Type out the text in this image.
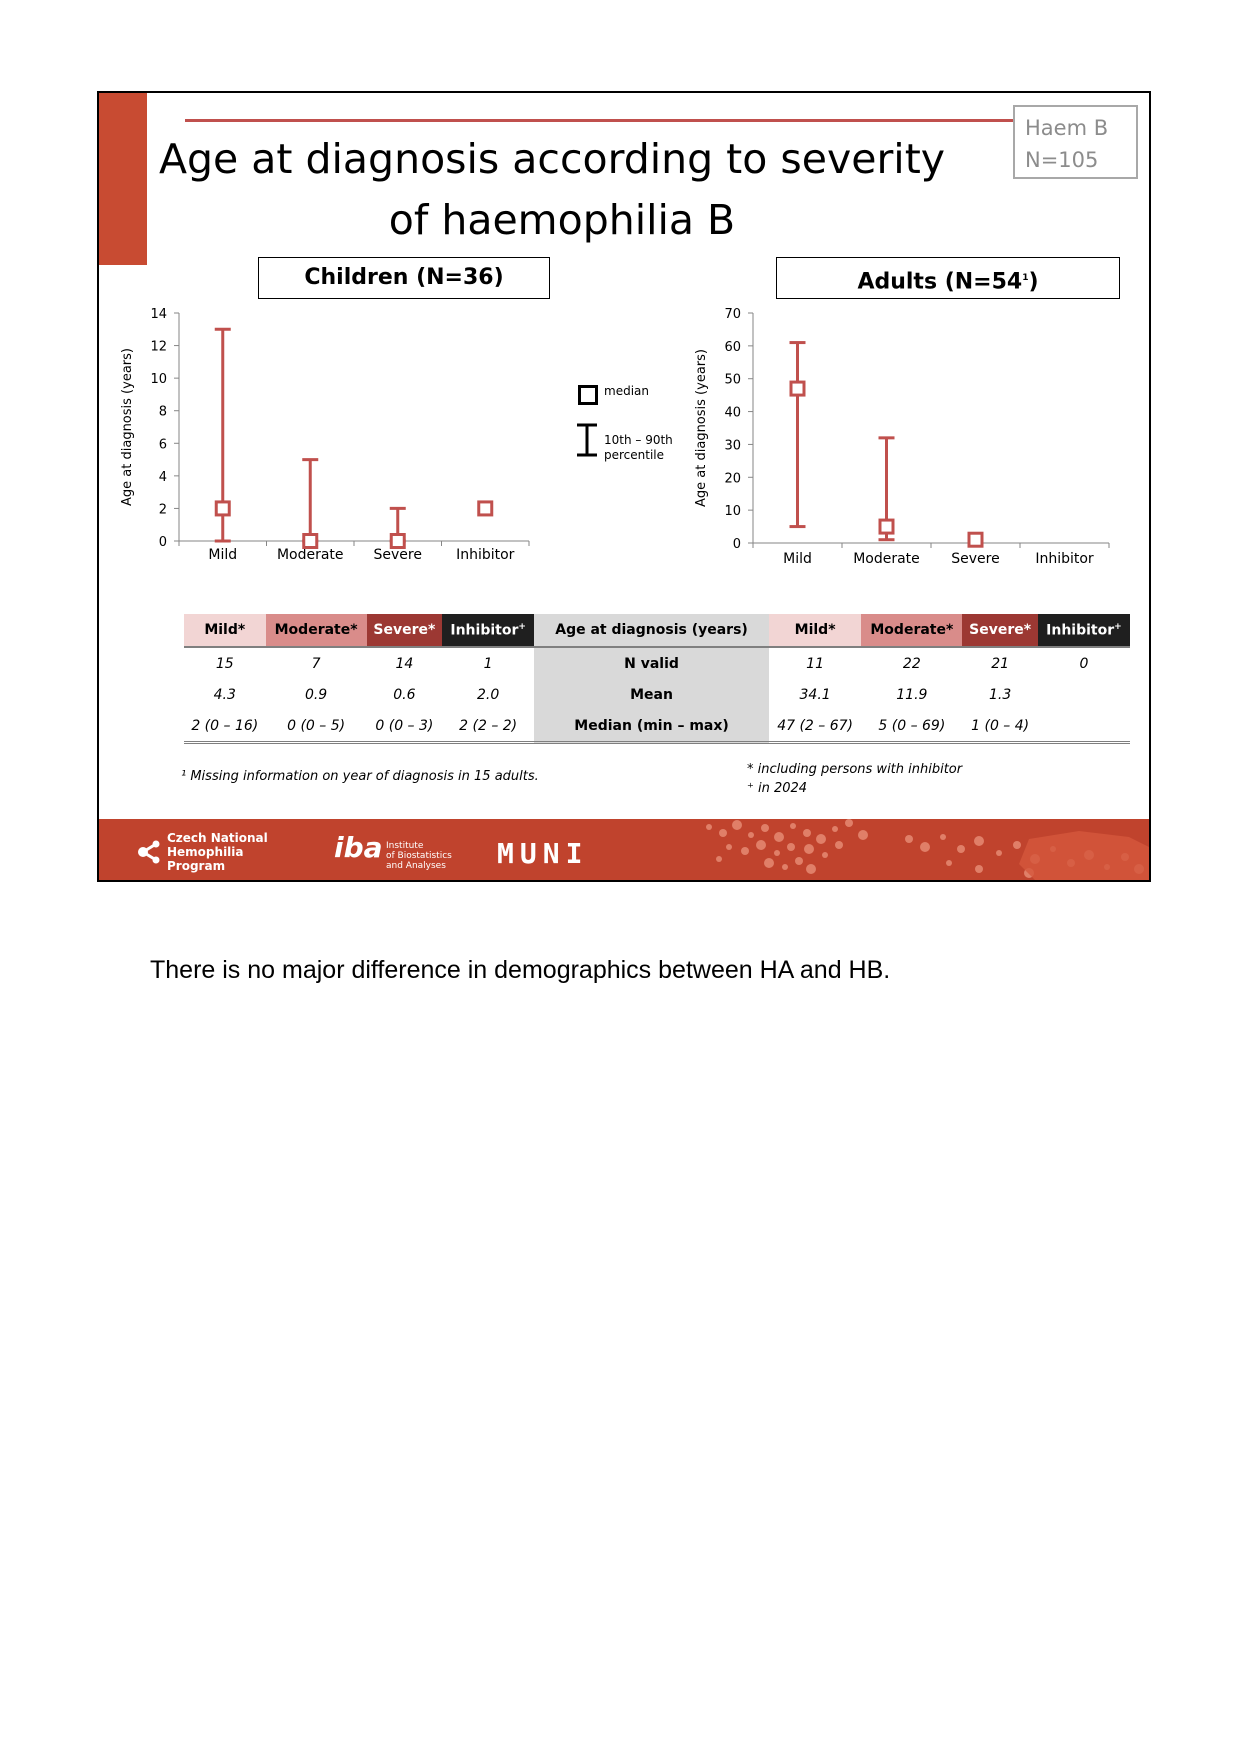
Age at diagnosis according to severity
of haemophilia B
Haem B
N=105
Children (N=36)	Adults $(N=54^1)$
0
2
4
6
8
10
12
14
Mild	Moderate Severe Inhibitor
Age at diagnosis (years)
0
10
20
30
40
50
60
70
Mild	Moderate Severe	Inhibitor
Age at diagnosis (years)
median
10th – 90th
percentile
Mild*	Moderate*	Severe*	Inhibitor+	Age at diagnosis (years)	Mild*	Moderate*	Severe*	Inhibitor+
15	7	14	1	N valid	11	22	21	0
4.3	0.9	0.6	2.0	Mean	34.1	11.9	1.3	
2 (0 – 16)	0 (0 – 5)	0 (0 – 3)	2 (2 – 2)	Median (min – max)	47 (2 – 67)	5 (0 – 69)	1 (0 – 4)	
¹ Missing information on year of diagnosis in 15 adults.	* including persons with inhibitor
⁺ in 2024
Czech National
Hemophilia
Program
iba Institute
of Biostatistics
and Analyses	MUNI
There is no major difference in demographics between HA and HB.
